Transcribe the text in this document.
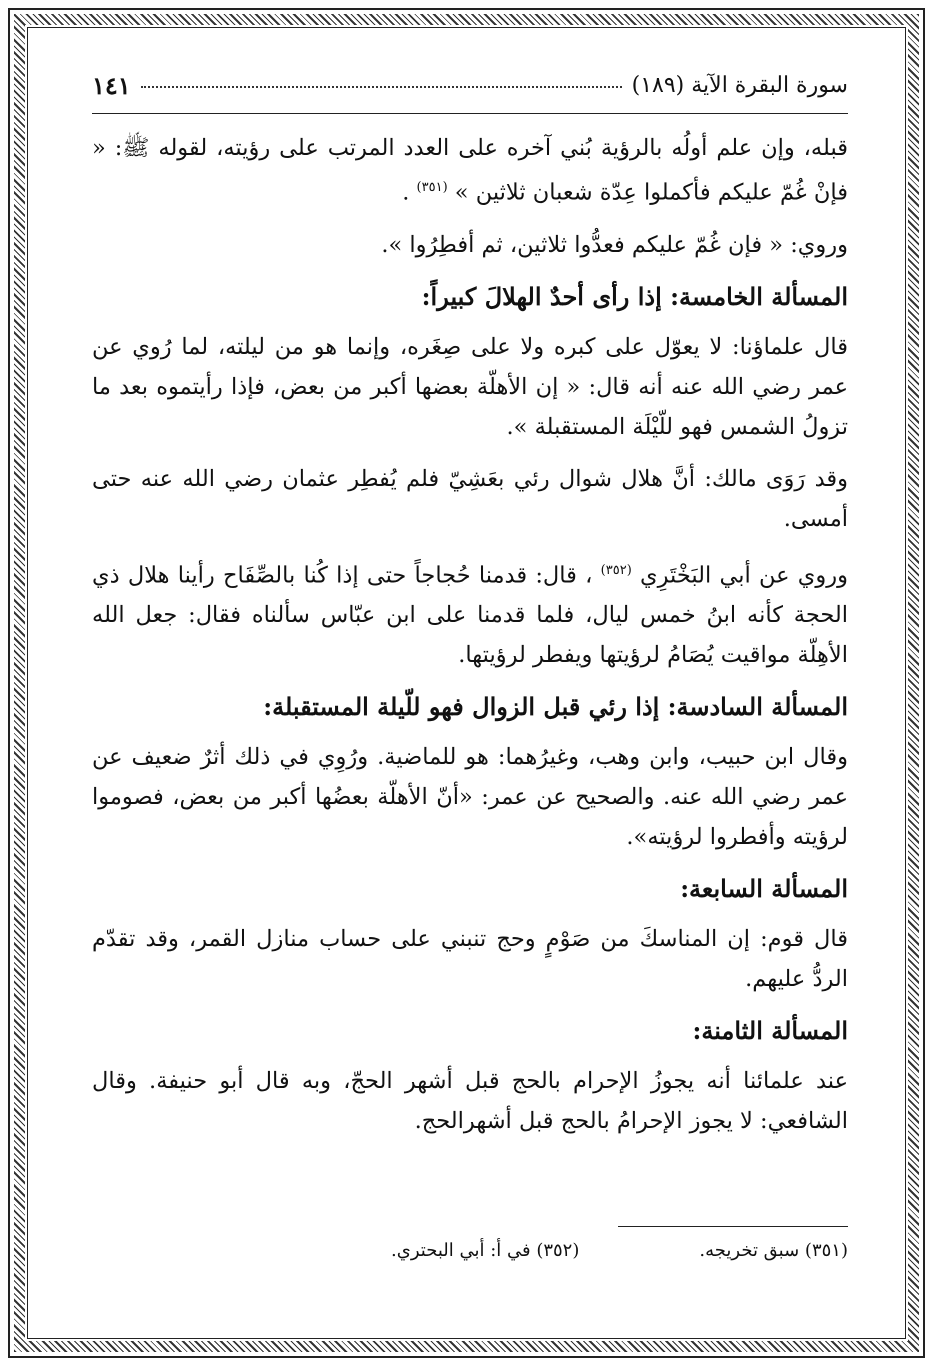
سورة البقرة الآية (١٨٩)
١٤١

قبله، وإن علم أولُه بالرؤية بُني آخره على العدد المرتب على رؤيته، لقوله ﷺ: « فإنْ غُمّ عليكم فأكملوا عِدّة شعبان ثلاثين » $^{(٣٥١)}$ .

وروي: « فإن غُمّ عليكم فعدُّوا ثلاثين، ثم أفطِرُوا ».

المسألة الخامسة: إذا رأى أحدٌ الهلالَ كبيراً:

قال علماؤنا: لا يعوّل على كبره ولا على صِغَره، وإنما هو من ليلته، لما رُوي عن عمر رضي الله عنه أنه قال: « إن الأهلّة بعضها أكبر من بعض، فإذا رأيتموه بعد ما تزولُ الشمس فهو للّيْلَة المستقبلة ».

وقد رَوَى مالك: أنَّ هلال شوال رئي بعَشِيّ فلم يُفطِر عثمان رضي الله عنه حتى أمسى.

وروي عن أبي البَخْتَرِي $^{(٣٥٢)}$ ، قال: قدمنا حُجاجاً حتى إذا كُنا بالصِّفَاح رأينا هلال ذي الحجة كأنه ابنُ خمس ليال، فلما قدمنا على ابن عبّاس سألناه فقال: جعل الله الأهِلّة مواقيت يُصَامُ لرؤيتها ويفطر لرؤيتها.

المسألة السادسة: إذا رئي قبل الزوال فهو للّيلة المستقبلة:

وقال ابن حبيب، وابن وهب، وغيرُهما: هو للماضية. ورُوِي في ذلك أثرٌ ضعيف عن عمر رضي الله عنه. والصحيح عن عمر: «أنّ الأهلّة بعضُها أكبر من بعض، فصوموا لرؤيته وأفطروا لرؤيته».

المسألة السابعة:

قال قوم: إن المناسكَ من صَوْمٍ وحج تنبني على حساب منازل القمر، وقد تقدّم الردُّ عليهم.

المسألة الثامنة:

عند علمائنا أنه يجوزُ الإحرام بالحج قبل أشهر الحجّ، وبه قال أبو حنيفة. وقال الشافعي: لا يجوز الإحرامُ بالحج قبل أشهرالحج.

(٣٥١) سبق تخريجه.
(٣٥٢) في أ: أبي البحتري.
